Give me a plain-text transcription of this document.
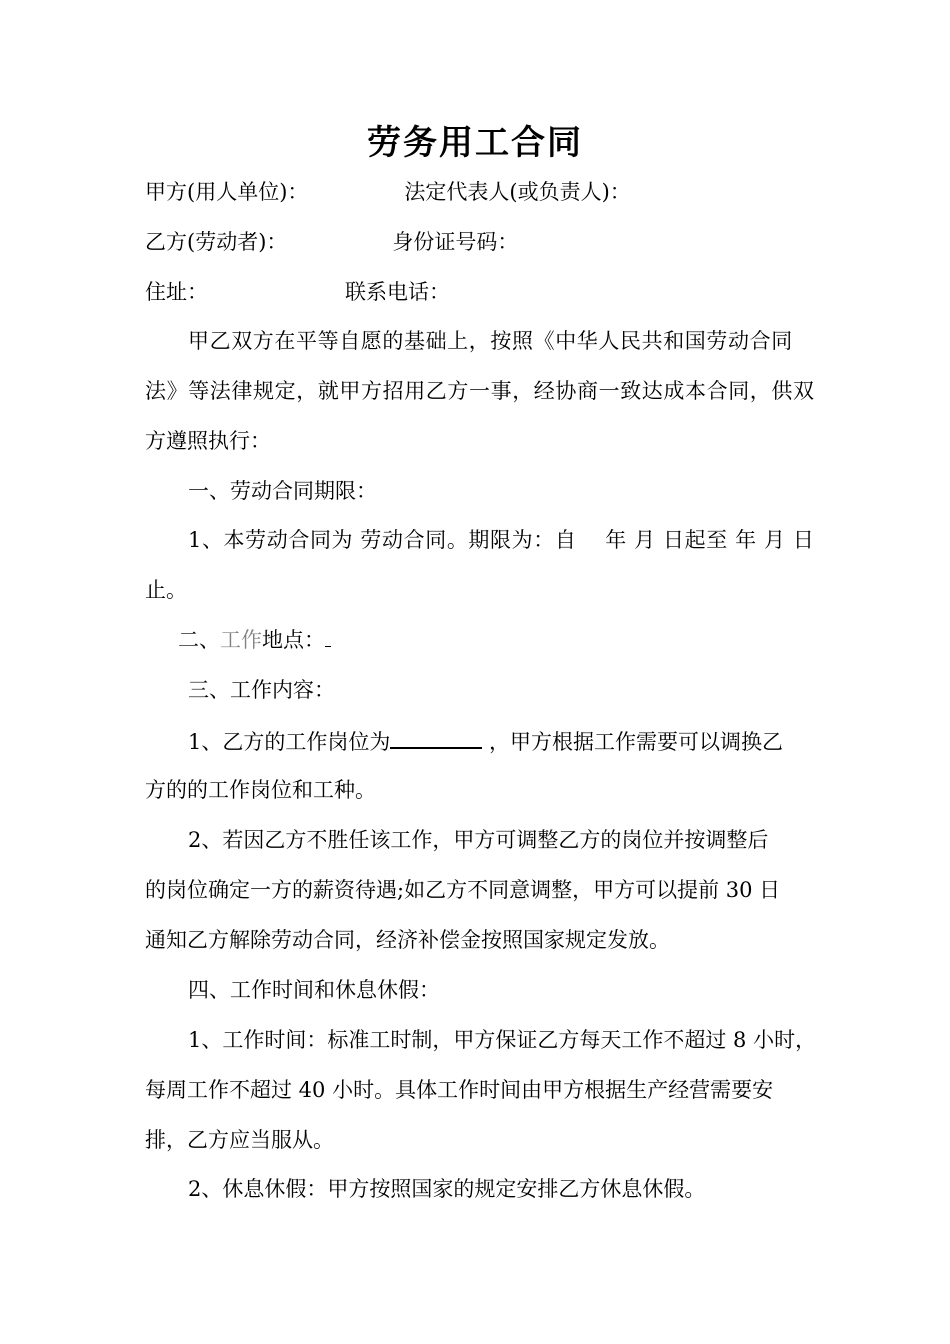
劳务用工合同
甲方(用人单位)：	法定代表人(或负责人)：
乙方(劳动者)：	身份证号码：
住址：	联系电话：
甲乙双方在平等自愿的基础上，按照《中华人民共和国劳动合同
法》等法律规定，就甲方招用乙方一事，经协商一致达成本合同，供双
方遵照执行：
一、劳动合同期限：
1、本劳动合同为 劳动合同。期限为：自　 年 月 日起至 年 月 日
止。
二、工作地点：
三、工作内容：
1、乙方的工作岗位为	，甲方根据工作需要可以调换乙
方的的工作岗位和工种。
2、若因乙方不胜任该工作，甲方可调整乙方的岗位并按调整后
的岗位确定一方的薪资待遇;如乙方不同意调整，甲方可以提前 30 日
通知乙方解除劳动合同，经济补偿金按照国家规定发放。
四、工作时间和休息休假：
1、工作时间：标准工时制，甲方保证乙方每天工作不超过 8 小时，
每周工作不超过 40 小时。具体工作时间由甲方根据生产经营需要安
排，乙方应当服从。
2、休息休假：甲方按照国家的规定安排乙方休息休假。
